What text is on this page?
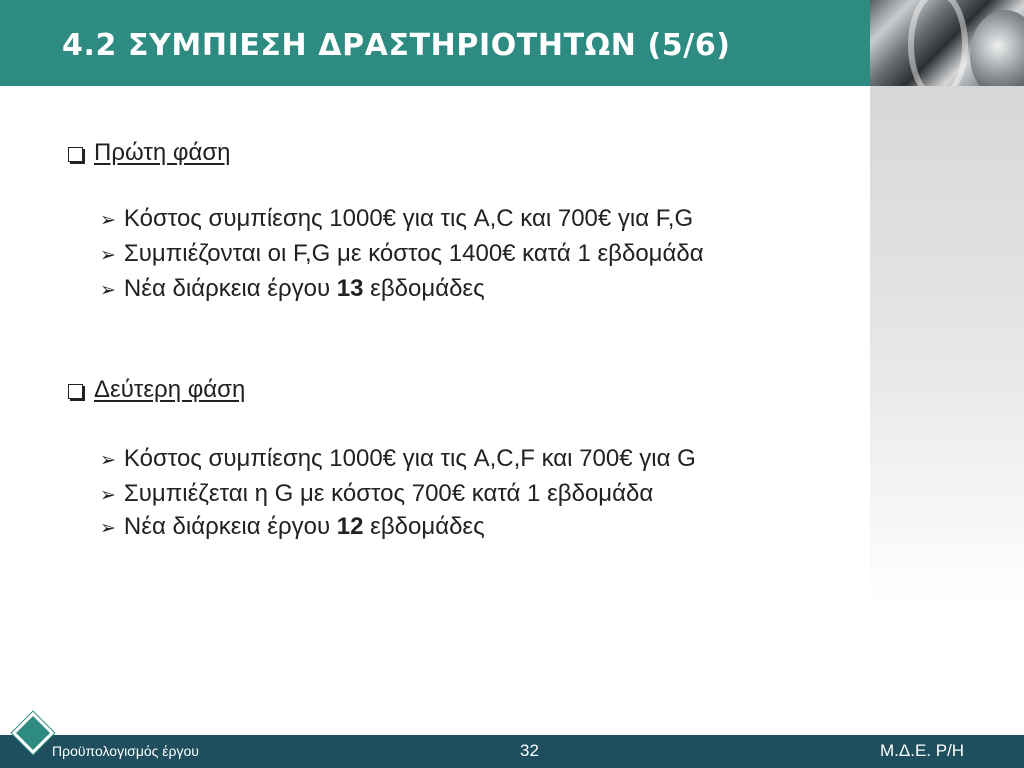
4.2 ΣΥΜΠΙΕΣΗ ΔΡΑΣΤΗΡΙΟΤΗΤΩΝ (5/6)
Πρώτη φάση
➢ Κόστος συμπίεσης 1000€ για τις A,C και 700€ για F,G
➢ Συμπιέζονται οι F,G με κόστος 1400€ κατά 1 εβδομάδα
➢ Νέα διάρκεια έργου 13 εβδομάδες
Δεύτερη φάση
➢ Κόστος συμπίεσης 1000€ για τις A,C,F και 700€ για G
➢ Συμπιέζεται η G με κόστος 700€ κατά 1 εβδομάδα
➢ Νέα διάρκεια έργου 12 εβδομάδες
Προϋπολογισμός έργου	32	Μ.Δ.Ε. Ρ/Η
